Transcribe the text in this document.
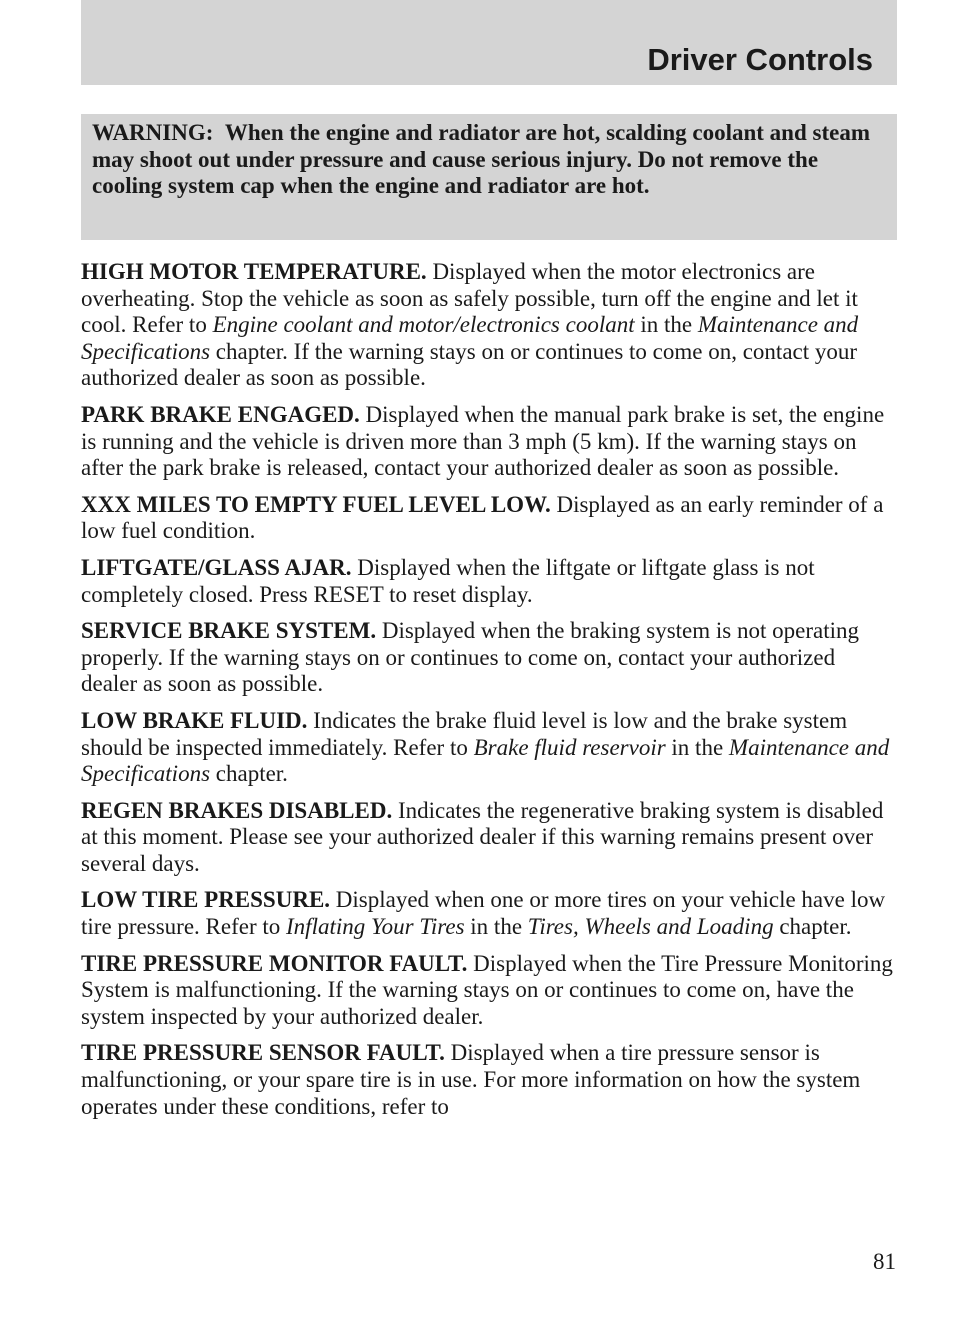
Driver Controls

WARNING: When the engine and radiator are hot, scalding coolant and steam may shoot out under pressure and cause serious injury. Do not remove the cooling system cap when the engine and radiator are hot.

HIGH MOTOR TEMPERATURE. Displayed when the motor electronics are overheating. Stop the vehicle as soon as safely possible, turn off the engine and let it cool. Refer to Engine coolant and motor/electronics coolant in the Maintenance and Specifications chapter. If the warning stays on or continues to come on, contact your authorized dealer as soon as possible.

PARK BRAKE ENGAGED. Displayed when the manual park brake is set, the engine is running and the vehicle is driven more than 3 mph (5 km). If the warning stays on after the park brake is released, contact your authorized dealer as soon as possible.

XXX MILES TO EMPTY FUEL LEVEL LOW. Displayed as an early reminder of a low fuel condition.

LIFTGATE/GLASS AJAR. Displayed when the liftgate or liftgate glass is not completely closed. Press RESET to reset display.

SERVICE BRAKE SYSTEM. Displayed when the braking system is not operating properly. If the warning stays on or continues to come on, contact your authorized dealer as soon as possible.

LOW BRAKE FLUID. Indicates the brake fluid level is low and the brake system should be inspected immediately. Refer to Brake fluid reservoir in the Maintenance and Specifications chapter.

REGEN BRAKES DISABLED. Indicates the regenerative braking system is disabled at this moment. Please see your authorized dealer if this warning remains present over several days.

LOW TIRE PRESSURE. Displayed when one or more tires on your vehicle have low tire pressure. Refer to Inflating Your Tires in the Tires, Wheels and Loading chapter.

TIRE PRESSURE MONITOR FAULT. Displayed when the Tire Pressure Monitoring System is malfunctioning. If the warning stays on or continues to come on, have the system inspected by your authorized dealer.

TIRE PRESSURE SENSOR FAULT. Displayed when a tire pressure sensor is malfunctioning, or your spare tire is in use. For more information on how the system operates under these conditions, refer to

81
